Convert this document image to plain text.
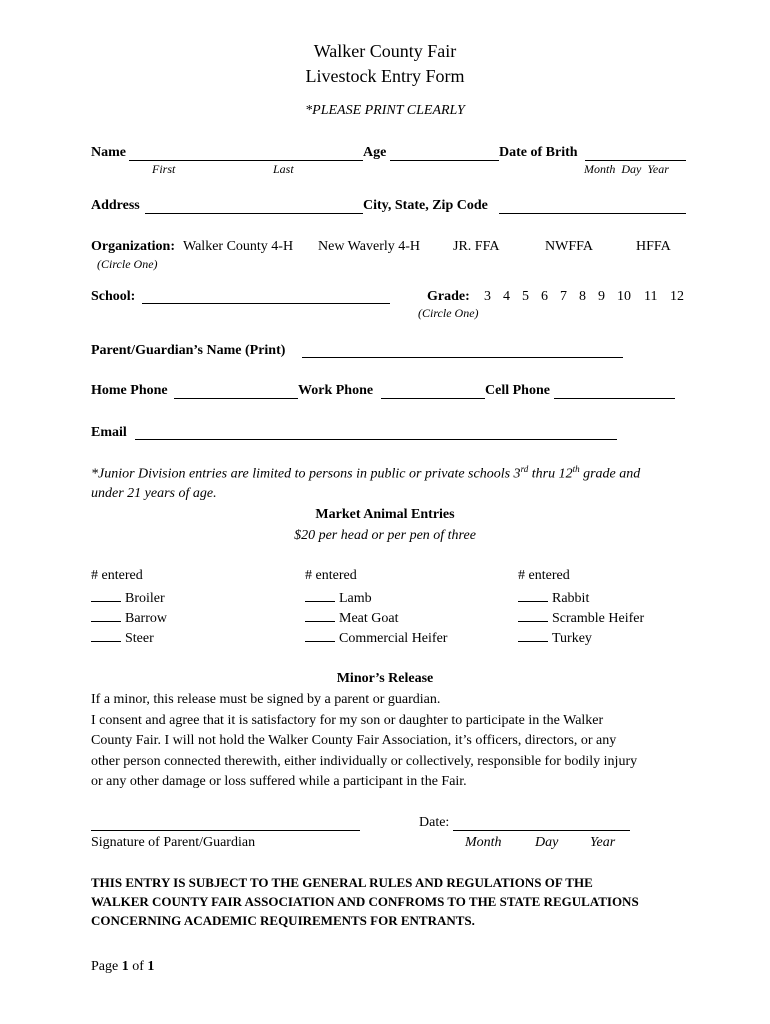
Walker County Fair
Livestock Entry Form
*PLEASE PRINT CLEARLY
Name	Age	Date of Brith
First	Last	Month  Day  Year
Address	City, State, Zip Code
Organization: Walker County 4-H New Waverly 4-H JR. FFA	NWFFA	HFFA
(Circle One)
School:	Grade: 3 4 5 6 7 8 9 10 11 12
(Circle One)
Parent/Guardian’s Name (Print)
Home Phone	Work Phone	Cell Phone
Email
*Junior Division entries are limited to persons in public or private schools 3rd thru 12th grade and
under 21 years of age.
Market Animal Entries
$20 per head or per pen of three
# entered
Broiler
Barrow
Steer
# entered
Lamb
Meat Goat
Commercial Heifer
# entered
Rabbit
Scramble Heifer
Turkey
Minor’s Release
If a minor, this release must be signed by a parent or guardian.
I consent and agree that it is satisfactory for my son or daughter to participate in the Walker
County Fair. I will not hold the Walker County Fair Association, it’s officers, directors, or any
other person connected therewith, either individually or collectively, responsible for bodily injury
or any other damage or loss suffered while a participant in the Fair.
Signature of Parent/Guardian
Date:
Month Day Year
THIS ENTRY IS SUBJECT TO THE GENERAL RULES AND REGULATIONS OF THE
WALKER COUNTY FAIR ASSOCIATION AND CONFROMS TO THE STATE REGULATIONS
CONCERNING ACADEMIC REQUIREMENTS FOR ENTRANTS.
Page 1 of 1
